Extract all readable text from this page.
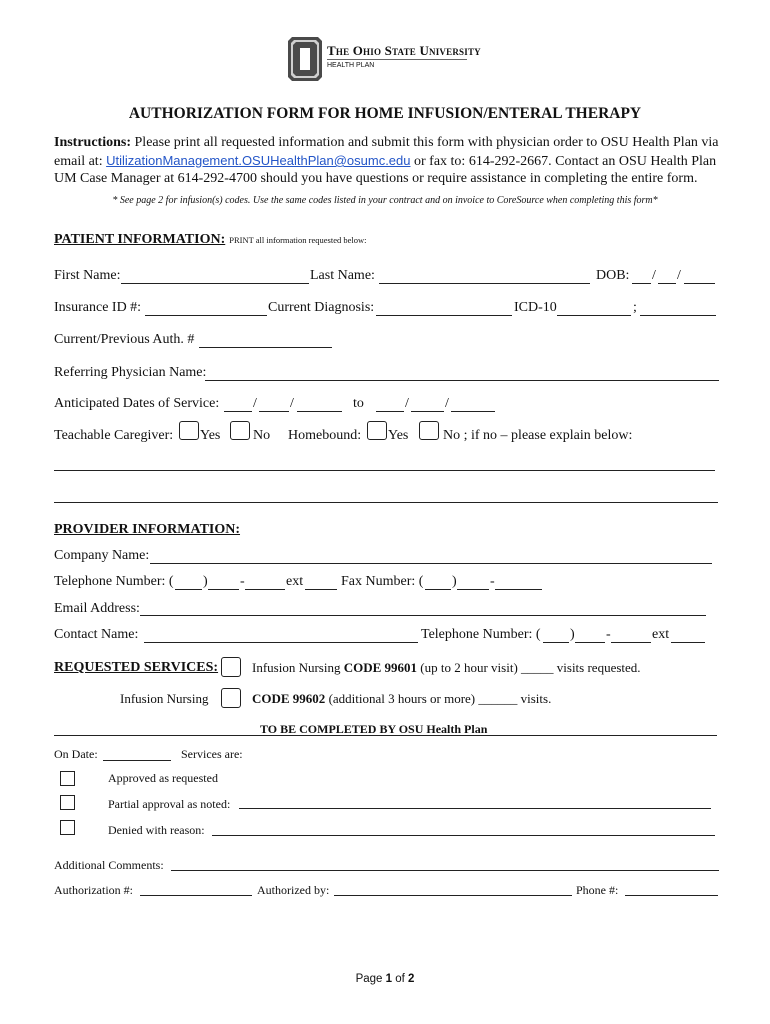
The Ohio State University
HEALTH PLAN
AUTHORIZATION FORM FOR HOME INFUSION/ENTERAL THERAPY
Instructions: Please print all requested information and submit this form with physician order to OSU Health Plan via
email at: UtilizationManagement.OSUHealthPlan@osumc.edu or fax to: 614-292-2667. Contact an OSU Health Plan
UM Case Manager at 614-292-4700 should you have questions or require assistance in completing the entire form.
* See page 2 for infusion(s) codes. Use the same codes listed in your contract and on invoice to CoreSource when completing this form*
PATIENT INFORMATION: PRINT all information requested below:
First Name:	Last Name:	DOB: / /
Insurance ID #:	Current Diagnosis:	ICD-10	;
Current/Previous Auth. #
Referring Physician Name:
Anticipated Dates of Service: / /	to	/	/
Teachable Caregiver: Yes No Homebound: Yes No ; if no – please explain below:
PROVIDER INFORMATION:
Company Name:
Telephone Number: ( ) -	ext	Fax Number: ( ) -
Email Address:
Contact Name:	Telephone Number: ( ) -	ext
REQUESTED SERVICES:	Infusion Nursing CODE 99601 (up to 2 hour visit) _____ visits requested.
Infusion Nursing	CODE 99602 (additional 3 hours or more) ______ visits.
TO BE COMPLETED BY OSU Health Plan
On Date:	Services are:
Approved as requested
Partial approval as noted:
Denied with reason:
Additional Comments:
Authorization #:	Authorized by:	Phone #:
Page 1 of 2
